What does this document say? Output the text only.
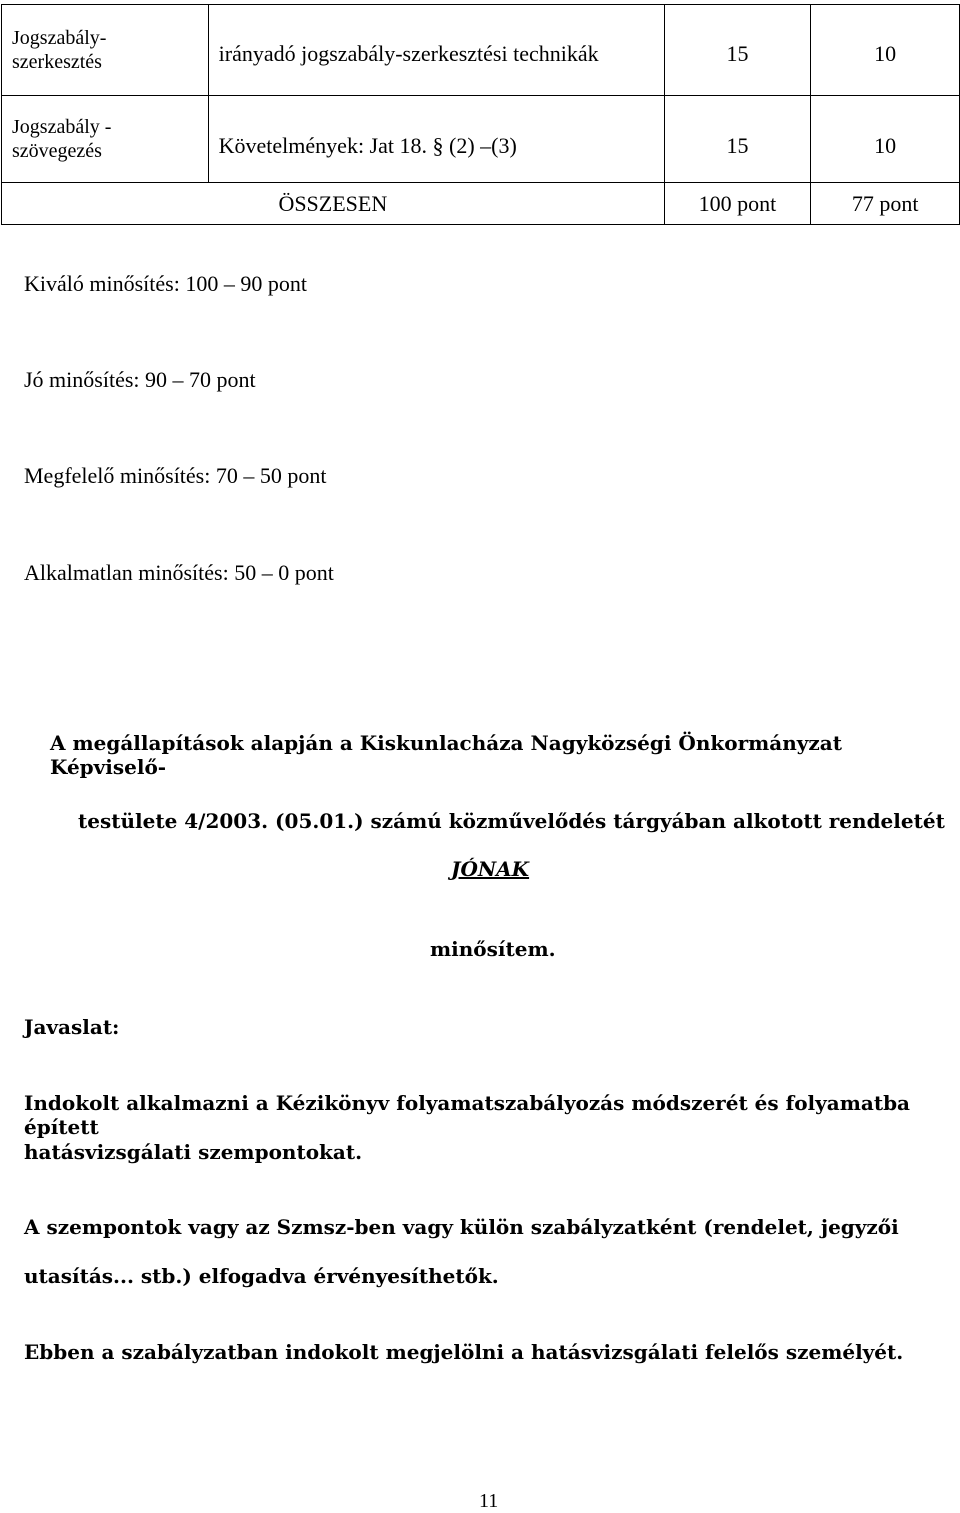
Jogszabály-
szerkesztés	irányadó jogszabály-szerkesztési technikák	15	10
Jogszabály -
szövegezés	Követelmények: Jat 18. § (2) –(3)	15	10
ÖSSZESEN		100 pont	77 pont
Kiváló minősítés: 100 – 90 pont
Jó minősítés: 90 – 70 pont
Megfelelő minősítés: 70 – 50 pont
Alkalmatlan minősítés: 50 – 0 pont
A megállapítások alapján a Kiskunlacháza Nagyközségi Önkormányzat Képviselő-
testülete 4/2003. (05.01.) számú közművelődés tárgyában alkotott rendeletét
JÓNAK
minősítem.
Javaslat:
Indokolt alkalmazni a Kézikönyv folyamatszabályozás módszerét és folyamatba épített
hatásvizsgálati szempontokat.
A szempontok vagy az Szmsz-ben vagy külön szabályzatként (rendelet, jegyzői
utasítás... stb.) elfogadva érvényesíthetők.
Ebben a szabályzatban indokolt megjelölni a hatásvizsgálati felelős személyét.
11
